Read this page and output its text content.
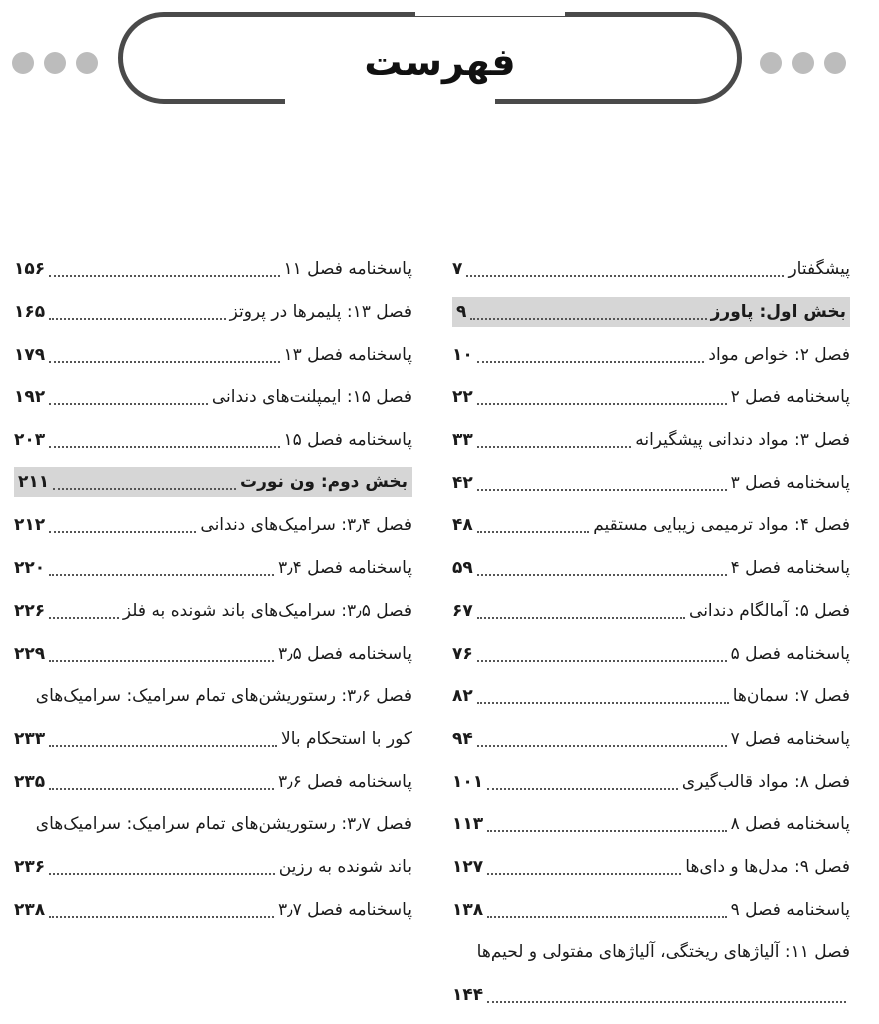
فهرست
پیشگفتار
۷
بخش اول: پاورز
۹
فصل ۲: خواص مواد
۱۰
پاسخنامه فصل ۲
۲۲
فصل ۳: مواد دندانی پیشگیرانه
۳۳
پاسخنامه فصل ۳
۴۲
فصل ۴: مواد ترمیمی زیبایی مستقیم
۴۸
پاسخنامه فصل ۴
۵۹
فصل ۵: آمالگام دندانی
۶۷
پاسخنامه فصل ۵
۷۶
فصل ۷: سمان‌ها
۸۲
پاسخنامه فصل ۷
۹۴
فصل ۸: مواد قالب‌گیری
۱۰۱
پاسخنامه فصل ۸
۱۱۳
فصل ۹: مدل‌ها و دای‌ها
۱۲۷
پاسخنامه فصل ۹
۱۳۸
فصل ۱۱: آلیاژهای ریختگی، آلیاژهای مفتولی و لحیم‌ها
۱۴۴
پاسخنامه فصل ۱۱
۱۵۶
فصل ۱۳: پلیمرها در پروتز
۱۶۵
پاسخنامه فصل ۱۳
۱۷۹
فصل ۱۵: ایمپلنت‌های دندانی
۱۹۲
پاسخنامه فصل ۱۵
۲۰۳
بخش دوم: ون نورت
۲۱۱
فصل ۳٫۴: سرامیک‌های دندانی
۲۱۲
پاسخنامه فصل ۳٫۴
۲۲۰
فصل ۳٫۵: سرامیک‌های باند شونده به فلز
۲۲۶
پاسخنامه فصل ۳٫۵
۲۲۹
فصل ۳٫۶: رستوریشن‌های تمام سرامیک: سرامیک‌های
کور با استحکام بالا
۲۳۳
پاسخنامه فصل ۳٫۶
۲۳۵
فصل ۳٫۷: رستوریشن‌های تمام سرامیک: سرامیک‌های
باند شونده به رزین
۲۳۶
پاسخنامه فصل ۳٫۷
۲۳۸
